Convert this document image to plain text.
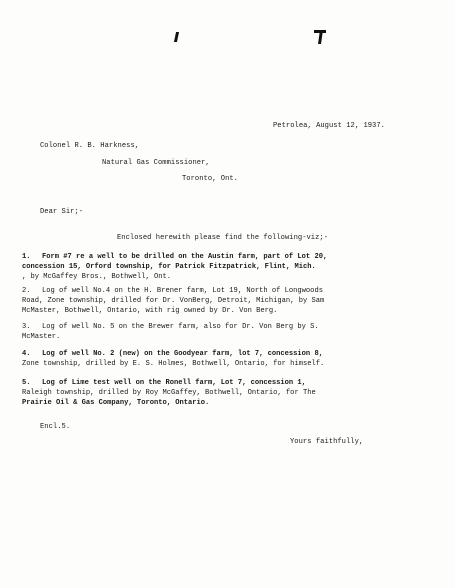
Petrolea, August 12, 1937.
Colonel R. B. Harkness,
Natural Gas Commissioner,
Toronto, Ont.
Dear Sir;-
Enclosed herewith please find the following-viz;-
1. Form #7 re a well to be drilled on the Austin farm, part of Lot 20,
concession 15, Orford township, for Patrick Fitzpatrick, Flint, Mich.
, by McGaffey Bros., Bothwell, Ont.
2. Log of well No.4 on the H. Brener farm, Lot 19, North of Longwoods
Road, Zone township, drilled for Dr. VonBerg, Detroit, Michigan, by Sam
McMaster, Bothwell, Ontario, with rig owned by Dr. Von Berg.
3. Log of well No. 5 on the Brewer farm, also for Dr. Von Berg by S.
McMaster.
4. Log of well No. 2 (new) on the Goodyear farm, lot 7, concession 8,
Zone township, drilled by E. S. Holmes, Bothwell, Ontario, for himself.
5. Log of Lime test well on the Ronell farm, Lot 7, concession 1,
Raleigh township, drilled by Roy McGaffey, Bothwell, Ontario, for The
Prairie Oil & Gas Company, Toronto, Ontario.
Encl.5.
Yours faithfully,
